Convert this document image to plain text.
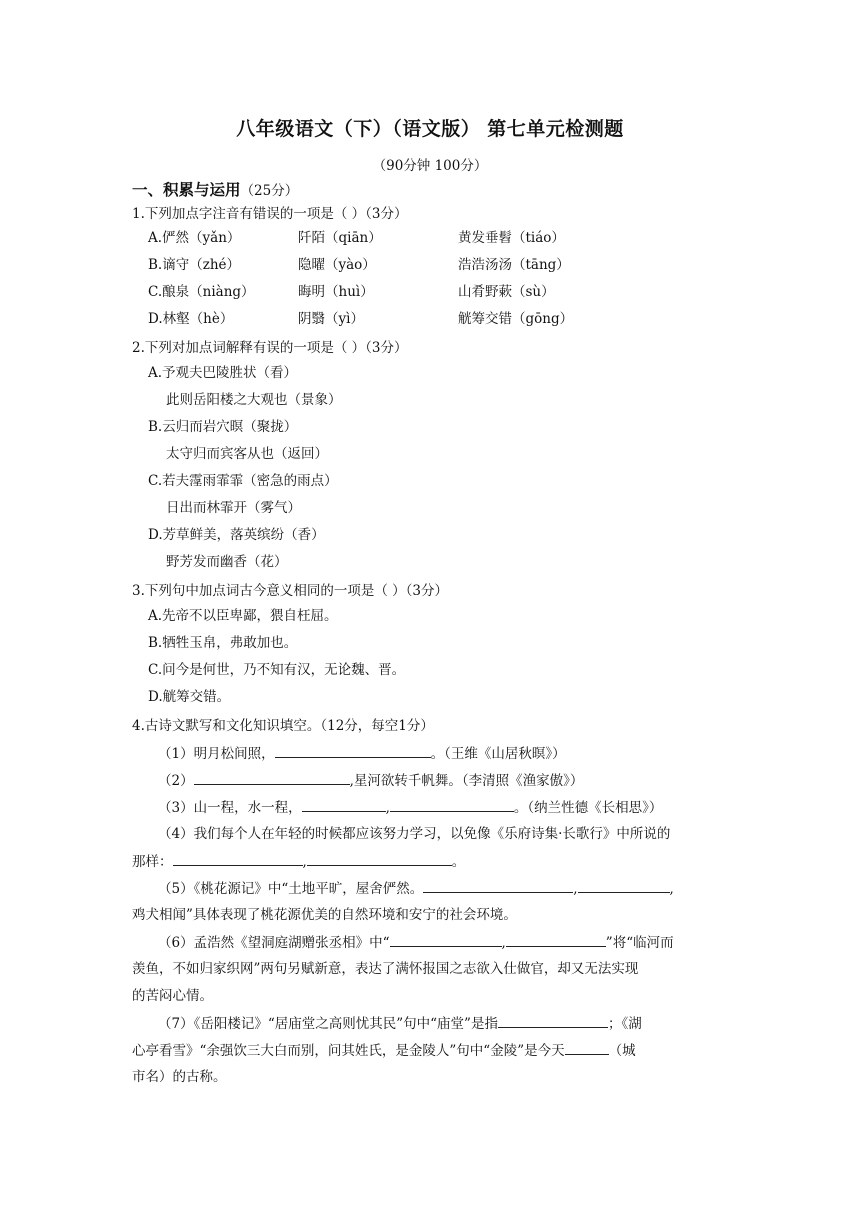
八年级语文（下）（语文版） 第七单元检测题
（90分钟 100分）
一、积累与运用（25分）
1.下列加点字注音有错误的一项是（ ）（3分）
A.俨然（yǎn）	阡陌（qiān）	黄发垂髫（tiáo）
B.谪守（zhé）	隐曜（yào）	浩浩汤汤（tāng）
C.酿泉（niàng）	晦明（huì）	山肴野蔌（sù）
D.林壑（hè）	阴翳（yì）	觥筹交错（gōng）
2.下列对加点词解释有误的一项是（ ）（3分）
A.予观夫巴陵胜状（看）
此则岳阳楼之大观也（景象）
B.云归而岩穴暝（聚拢）
太守归而宾客从也（返回）
C.若夫霪雨霏霏（密急的雨点）
日出而林霏开（雾气）
D.芳草鲜美，落英缤纷（香）
野芳发而幽香（花）
3.下列句中加点词古今意义相同的一项是（ ）（3分）
A.先帝不以臣卑鄙，猥自枉屈。
B.牺牲玉帛，弗敢加也。
C.问今是何世，乃不知有汉，无论魏、晋。
D.觥筹交错。
4.古诗文默写和文化知识填空。（12分，每空1分）
（1）明月松间照，	。（王维《山居秋暝》）
（2）	,星河欲转千帆舞。（李清照《渔家傲》）
（3）山一程，水一程，	,	。（纳兰性德《长相思》）
（4）我们每个人在年轻的时候都应该努力学习，以免像《乐府诗集·长歌行》中所说的
那样：	,	。
（5）《桃花源记》中“土地平旷，屋舍俨然。	,	,
鸡犬相闻”具体表现了桃花源优美的自然环境和安宁的社会环境。
（6）孟浩然《望洞庭湖赠张丞相》中“	,	”将“临河而
羡鱼，不如归家织网”两句另赋新意，表达了满怀报国之志欲入仕做官，却又无法实现
的苦闷心情。
（7）《岳阳楼记》“居庙堂之高则忧其民”句中“庙堂”是指	；《湖
心亭看雪》“余强饮三大白而别，问其姓氏，是金陵人”句中“金陵”是今天	（城
市名）的古称。
